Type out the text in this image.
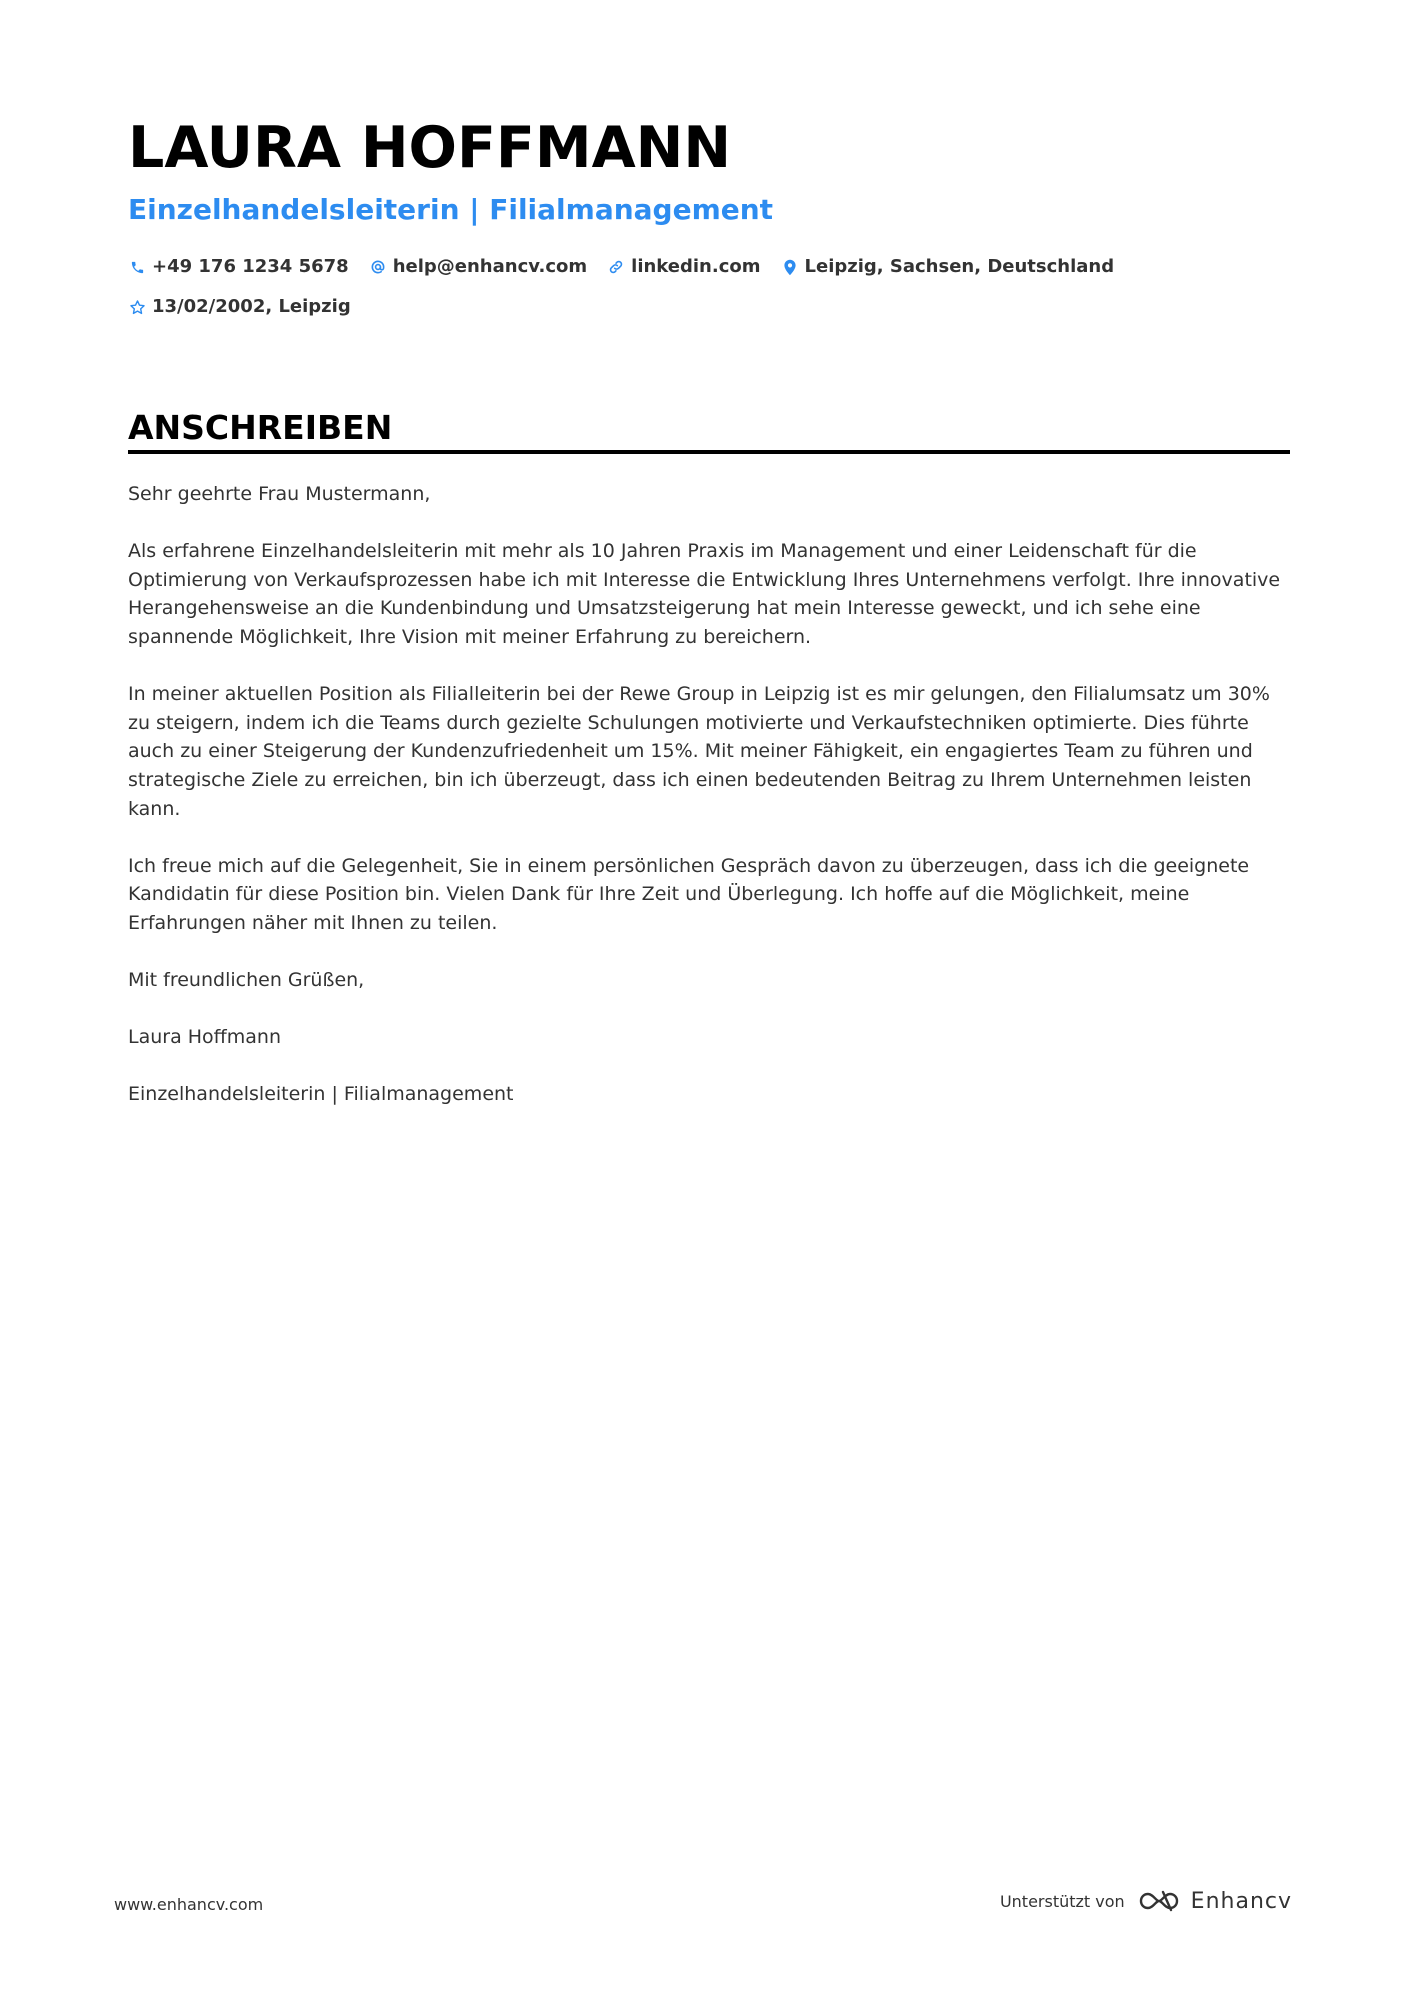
LAURA HOFFMANN
Einzelhandelsleiterin | Filialmanagement
+49 176 1234 5678 help@enhancv.com linkedin.com Leipzig, Sachsen, Deutschland
13/02/2002, Leipzig
ANSCHREIBEN

Sehr geehrte Frau Mustermann,

Als erfahrene Einzelhandelsleiterin mit mehr als 10 Jahren Praxis im Management und einer Leidenschaft für die Optimierung von Verkaufsprozessen habe ich mit Interesse die Entwicklung Ihres Unternehmens verfolgt. Ihre innovative Herangehensweise an die Kundenbindung und Umsatzsteigerung hat mein Interesse geweckt, und ich sehe eine spannende Möglichkeit, Ihre Vision mit meiner Erfahrung zu bereichern.

In meiner aktuellen Position als Filialleiterin bei der Rewe Group in Leipzig ist es mir gelungen, den Filialumsatz um 30% zu steigern, indem ich die Teams durch gezielte Schulungen motivierte und Verkaufstechniken optimierte. Dies führte auch zu einer Steigerung der Kundenzufriedenheit um 15%. Mit meiner Fähigkeit, ein engagiertes Team zu führen und strategische Ziele zu erreichen, bin ich überzeugt, dass ich einen bedeutenden Beitrag zu Ihrem Unternehmen leisten kann.

Ich freue mich auf die Gelegenheit, Sie in einem persönlichen Gespräch davon zu überzeugen, dass ich die geeignete Kandidatin für diese Position bin. Vielen Dank für Ihre Zeit und Überlegung. Ich hoffe auf die Möglichkeit, meine Erfahrungen näher mit Ihnen zu teilen.

Mit freundlichen Grüßen,

Laura Hoffmann

Einzelhandelsleiterin | Filialmanagement

www.enhancv.com	Unterstützt von	Enhancv
